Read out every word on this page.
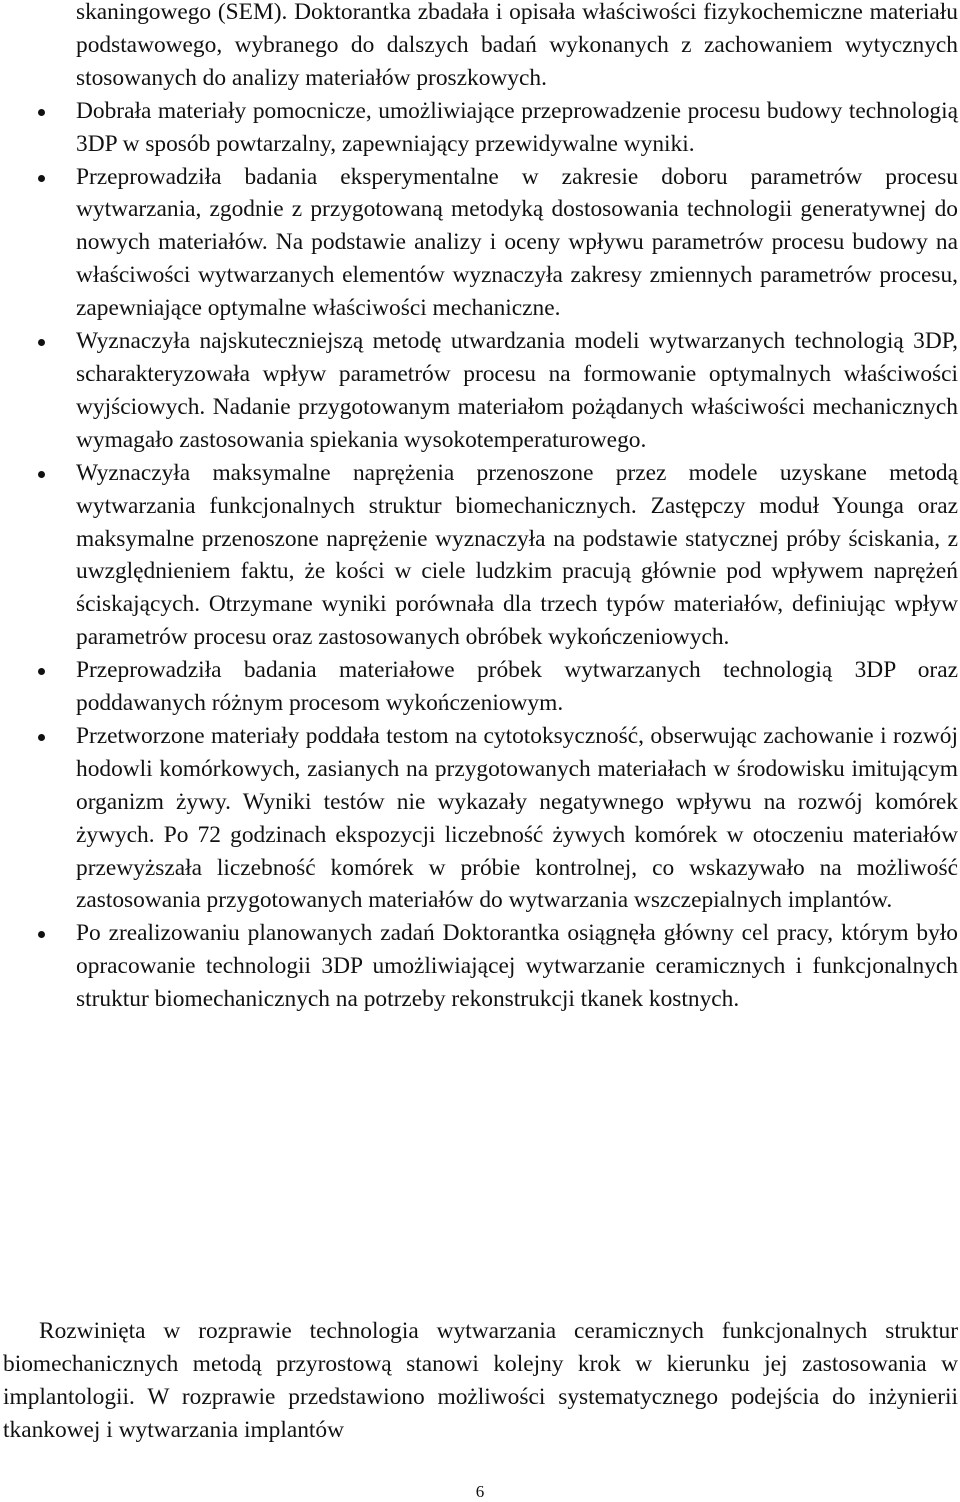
skaningowego (SEM). Doktorantka zbadała i opisała właściwości fizykochemiczne materiału podstawowego, wybranego do dalszych badań wykonanych z zachowaniem wytycznych stosowanych do analizy materiałów proszkowych.
Dobrała materiały pomocnicze, umożliwiające przeprowadzenie procesu budowy technologią 3DP w sposób powtarzalny, zapewniający przewidywalne wyniki.
Przeprowadziła badania eksperymentalne w zakresie doboru parametrów procesu wytwarzania, zgodnie z przygotowaną metodyką dostosowania technologii generatywnej do nowych materiałów. Na podstawie analizy i oceny wpływu parametrów procesu budowy na właściwości wytwarzanych elementów wyznaczyła zakresy zmiennych parametrów procesu, zapewniające optymalne właściwości mechaniczne.
Wyznaczyła najskuteczniejszą metodę utwardzania modeli wytwarzanych technologią 3DP, scharakteryzowała wpływ parametrów procesu na formowanie optymalnych właściwości wyjściowych. Nadanie przygotowanym materiałom pożądanych właściwości mechanicznych wymagało zastosowania spiekania wysokotemperaturowego.
Wyznaczyła maksymalne naprężenia przenoszone przez modele uzyskane metodą wytwarzania funkcjonalnych struktur biomechanicznych. Zastępczy moduł Younga oraz maksymalne przenoszone naprężenie wyznaczyła na podstawie statycznej próby ściskania, z uwzględnieniem faktu, że kości w ciele ludzkim pracują głównie pod wpływem naprężeń ściskających. Otrzymane wyniki porównała dla trzech typów materiałów, definiując wpływ parametrów procesu oraz zastosowanych obróbek wykończeniowych.
Przeprowadziła badania materiałowe próbek wytwarzanych technologią 3DP oraz poddawanych różnym procesom wykończeniowym.
Przetworzone materiały poddała testom na cytotoksyczność, obserwując zachowanie i rozwój hodowli komórkowych, zasianych na przygotowanych materiałach w środowisku imitującym organizm żywy. Wyniki testów nie wykazały negatywnego wpływu na rozwój komórek żywych. Po 72 godzinach ekspozycji liczebność żywych komórek w otoczeniu materiałów przewyższała liczebność komórek w próbie kontrolnej, co wskazywało na możliwość zastosowania przygotowanych materiałów do wytwarzania wszczepialnych implantów.
Po zrealizowaniu planowanych zadań Doktorantka osiągnęła główny cel pracy, którym było opracowanie technologii 3DP umożliwiającej wytwarzanie ceramicznych i funkcjonalnych struktur biomechanicznych na potrzeby rekonstrukcji tkanek kostnych.

Rozwinięta w rozprawie technologia wytwarzania ceramicznych funkcjonalnych struktur biomechanicznych metodą przyrostową stanowi kolejny krok w kierunku jej zastosowania w implantologii. W rozprawie przedstawiono możliwości systematycznego podejścia do inżynierii tkankowej i wytwarzania implantów

6
